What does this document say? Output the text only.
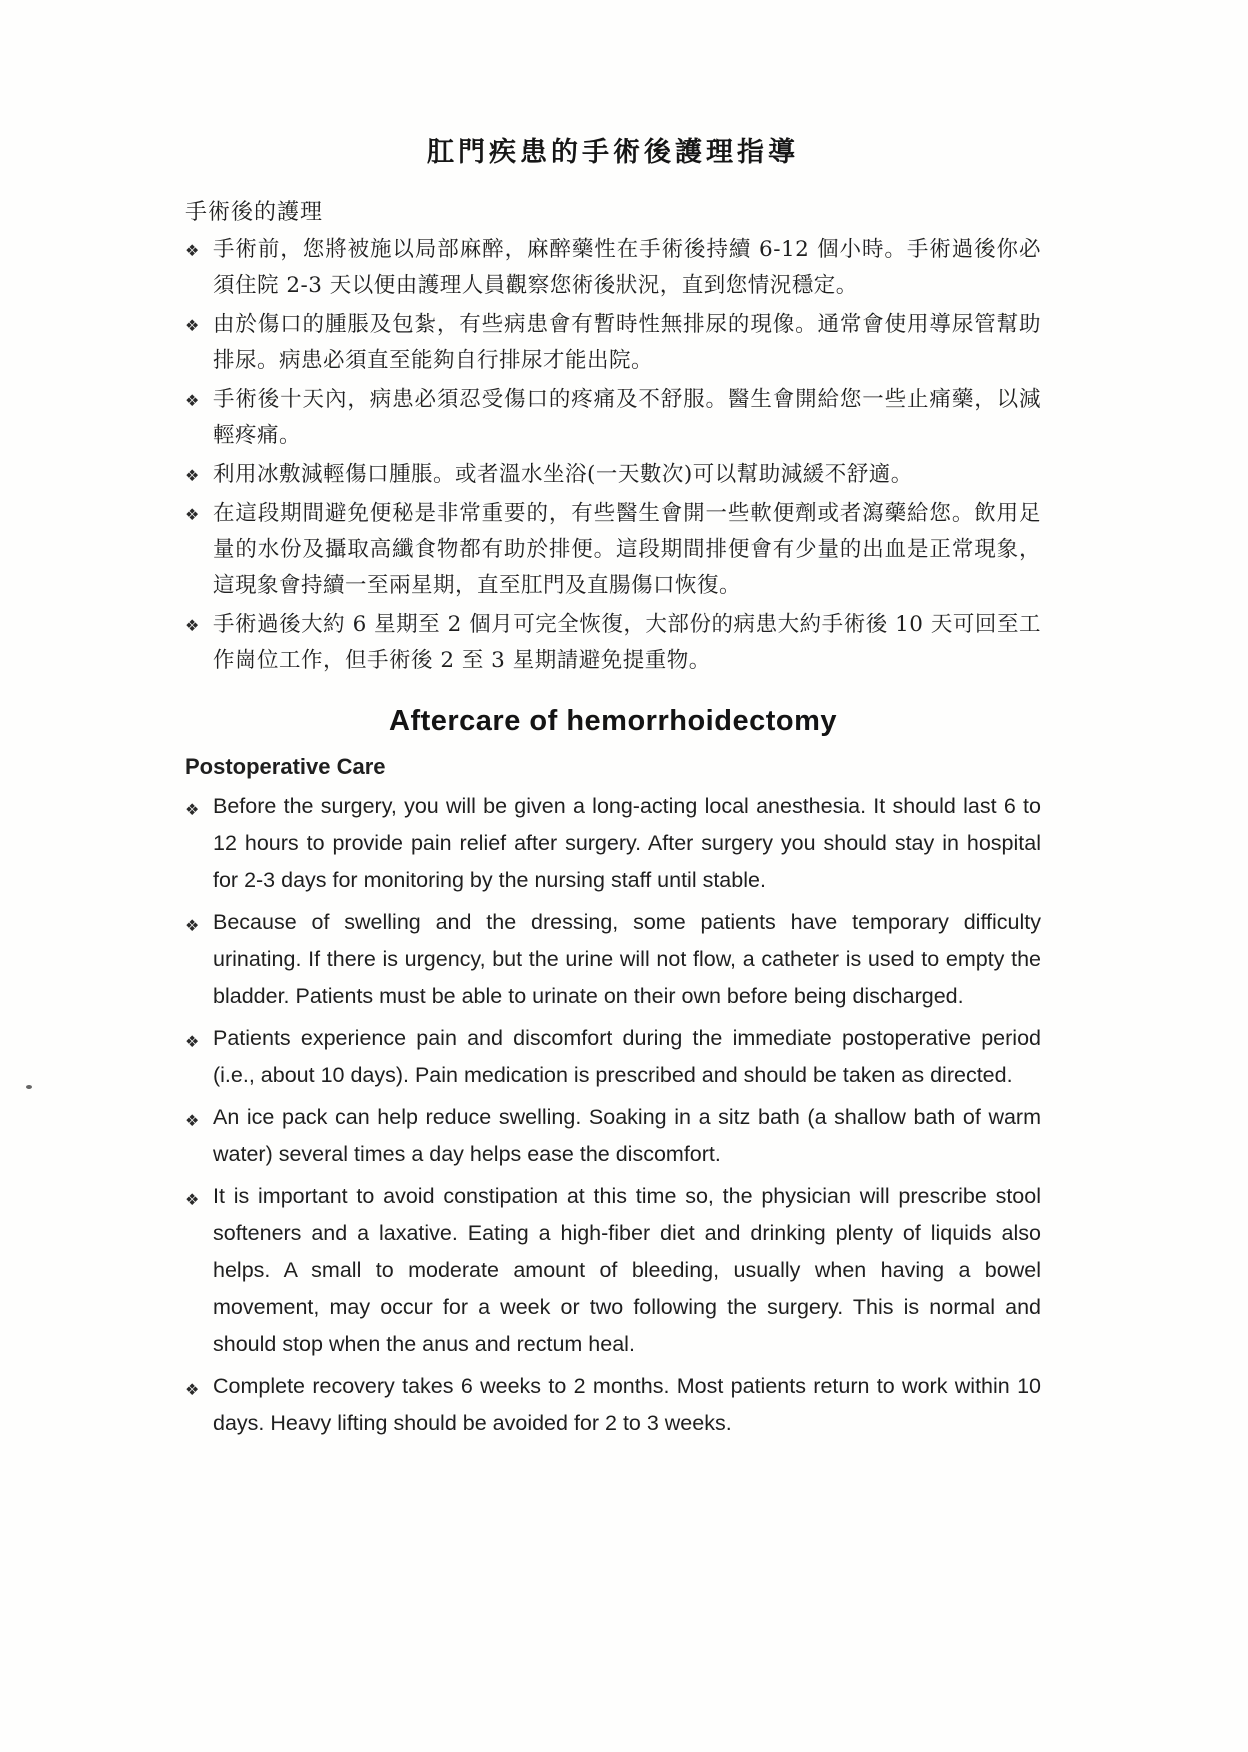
肛門疾患的手術後護理指導
手術後的護理
❖ 手術前，您將被施以局部麻醉，麻醉藥性在手術後持續 6-12 個小時。手術過後你必須住院 2-3 天以便由護理人員觀察您術後狀況，直到您情況穩定。
❖ 由於傷口的腫脹及包紮，有些病患會有暫時性無排尿的現像。通常會使用導尿管幫助排尿。病患必須直至能夠自行排尿才能出院。
❖ 手術後十天內，病患必須忍受傷口的疼痛及不舒服。醫生會開給您一些止痛藥，以減輕疼痛。
❖ 利用冰敷減輕傷口腫脹。或者溫水坐浴(一天數次)可以幫助減緩不舒適。
❖ 在這段期間避免便秘是非常重要的，有些醫生會開一些軟便劑或者瀉藥給您。飲用足量的水份及攝取高纖食物都有助於排便。這段期間排便會有少量的出血是正常現象，這現象會持續一至兩星期，直至肛門及直腸傷口恢復。
❖ 手術過後大約 6 星期至 2 個月可完全恢復，大部份的病患大約手術後 10 天可回至工作崗位工作，但手術後 2 至 3 星期請避免提重物。
Aftercare of hemorrhoidectomy
Postoperative Care
❖ Before the surgery, you will be given a long-acting local anesthesia. It should last 6 to 12 hours to provide pain relief after surgery. After surgery you should stay in hospital for 2-3 days for monitoring by the nursing staff until stable.
❖ Because of swelling and the dressing, some patients have temporary difficulty urinating. If there is urgency, but the urine will not flow, a catheter is used to empty the bladder. Patients must be able to urinate on their own before being discharged.
❖ Patients experience pain and discomfort during the immediate postoperative period (i.e., about 10 days). Pain medication is prescribed and should be taken as directed.
❖ An ice pack can help reduce swelling. Soaking in a sitz bath (a shallow bath of warm water) several times a day helps ease the discomfort.
❖ It is important to avoid constipation at this time so, the physician will prescribe stool softeners and a laxative. Eating a high-fiber diet and drinking plenty of liquids also helps. A small to moderate amount of bleeding, usually when having a bowel movement, may occur for a week or two following the surgery. This is normal and should stop when the anus and rectum heal.
❖ Complete recovery takes 6 weeks to 2 months. Most patients return to work within 10 days. Heavy lifting should be avoided for 2 to 3 weeks.
